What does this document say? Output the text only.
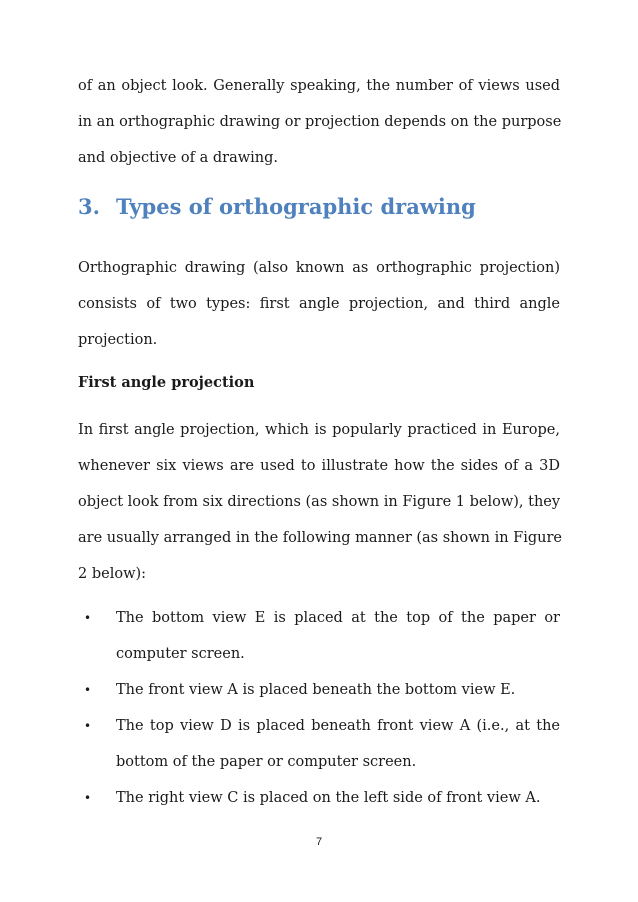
of an object look. Generally speaking, the number of views used
in an orthographic drawing or projection depends on the purpose
and objective of a drawing.

3. Types of orthographic drawing

Orthographic drawing (also known as orthographic projection)
consists of two types: first angle projection, and third angle
projection.

First angle projection

In first angle projection, which is popularly practiced in Europe,
whenever six views are used to illustrate how the sides of a 3D
object look from six directions (as shown in Figure 1 below), they
are usually arranged in the following manner (as shown in Figure
2 below):

• The bottom view E is placed at the top of the paper or
computer screen.
• The front view A is placed beneath the bottom view E.
• The top view D is placed beneath front view A (i.e., at the
bottom of the paper or computer screen.
• The right view C is placed on the left side of front view A.
7
